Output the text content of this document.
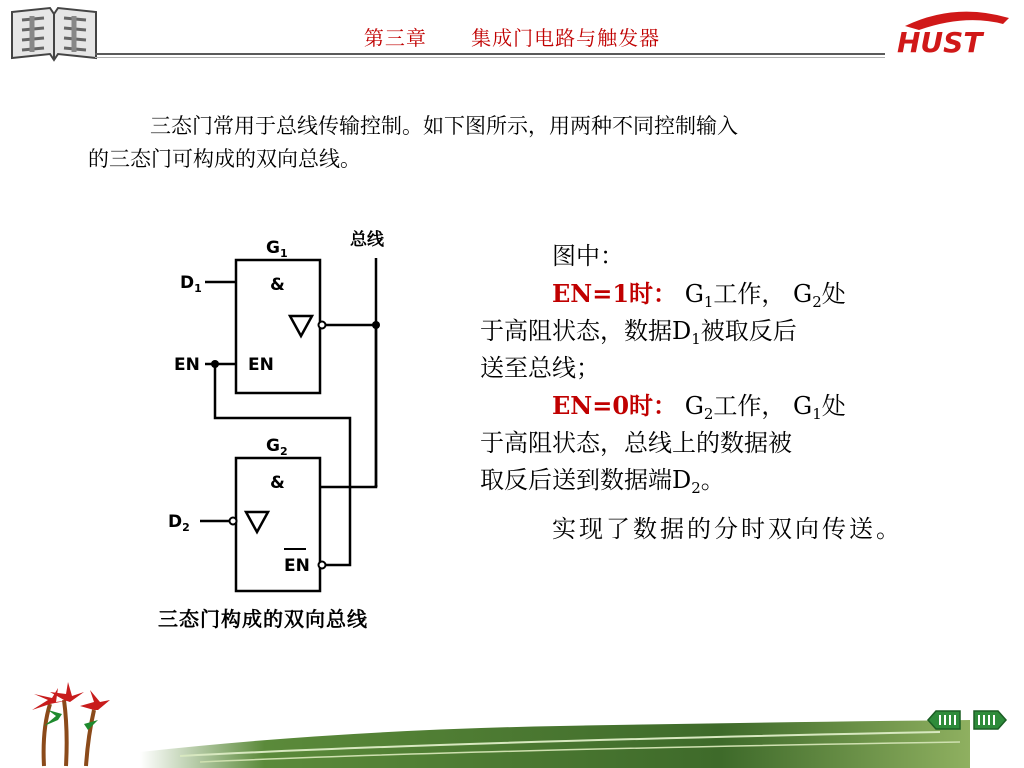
第三章 集成门电路与触发器	HUST
三态门常用于总线传输控制。如下图所示，用两种不同控制输入
的三态门可构成的双向总线。
总线
$G_1$
&
EN
$D_1$
EN
$G_2$
&
EN
$D_2$
三态门构成的双向总线

图中：

EN=1时： $G_1$工作， $G_2$处
于高阻状态，数据$D_1$被取反后
送至总线；

EN=0时： $G_2$工作， $G_1$处
于高阻状态，总线上的数据被
取反后送到数据端$D_2$。

实现了数据的分时双向传送。
